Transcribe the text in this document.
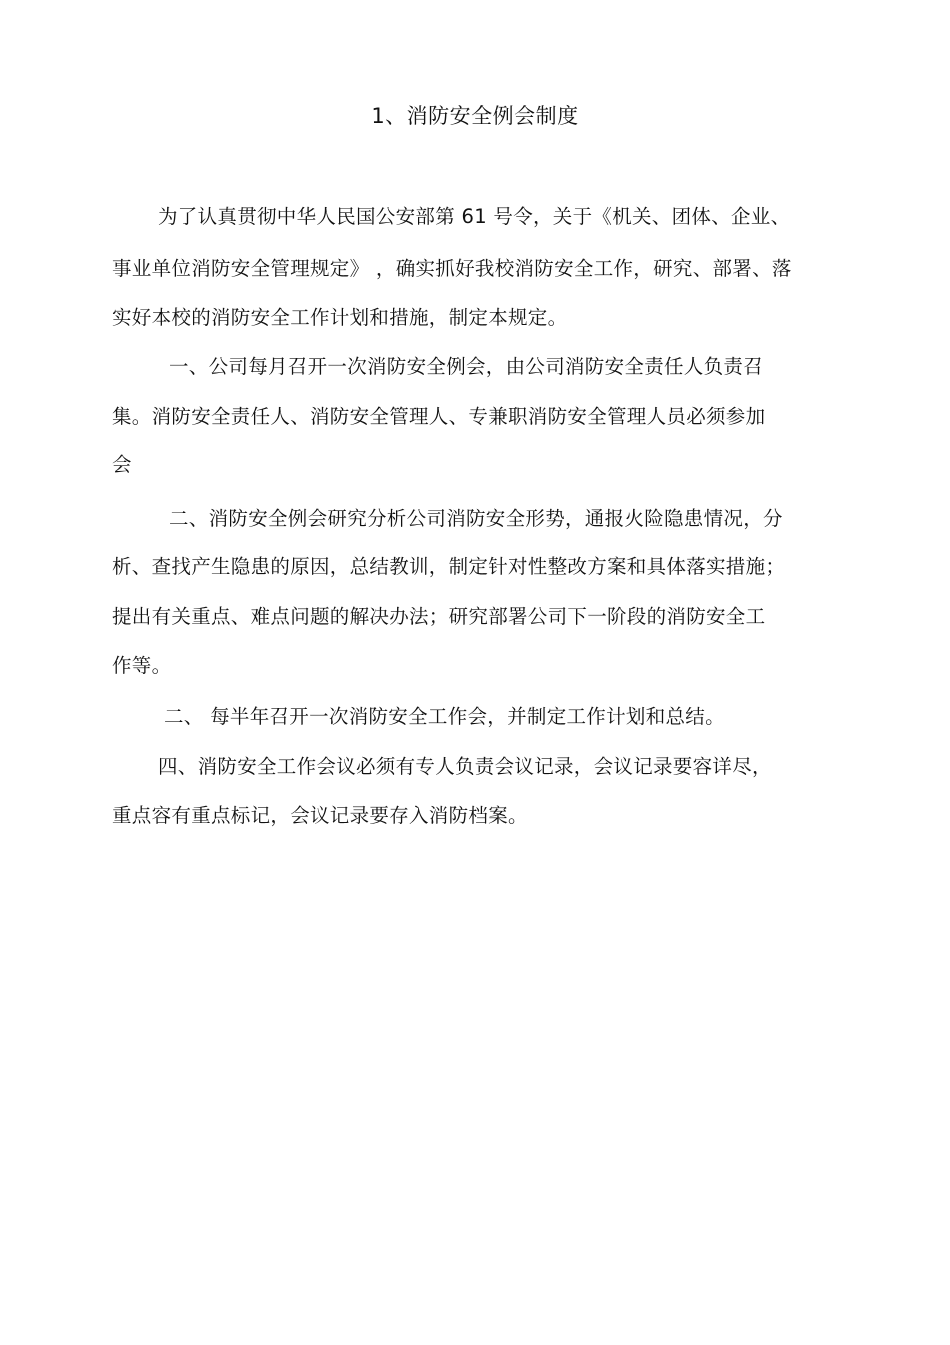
1、消防安全例会制度
为了认真贯彻中华人民国公安部第 61 号令，关于《机关、团体、企业、
事业单位消防安全管理规定》 ，确实抓好我校消防安全工作，研究、部署、落
实好本校的消防安全工作计划和措施，制定本规定。
一、公司每月召开一次消防安全例会，由公司消防安全责任人负责召
集。消防安全责任人、消防安全管理人、专兼职消防安全管理人员必须参加
会
二、消防安全例会研究分析公司消防安全形势，通报火险隐患情况，分
析、查找产生隐患的原因，总结教训，制定针对性整改方案和具体落实措施；
提出有关重点、难点问题的解决办法；研究部署公司下一阶段的消防安全工
作等。
二、 每半年召开一次消防安全工作会，并制定工作计划和总结。
四、消防安全工作会议必须有专人负责会议记录，会议记录要容详尽，
重点容有重点标记，会议记录要存入消防档案。
